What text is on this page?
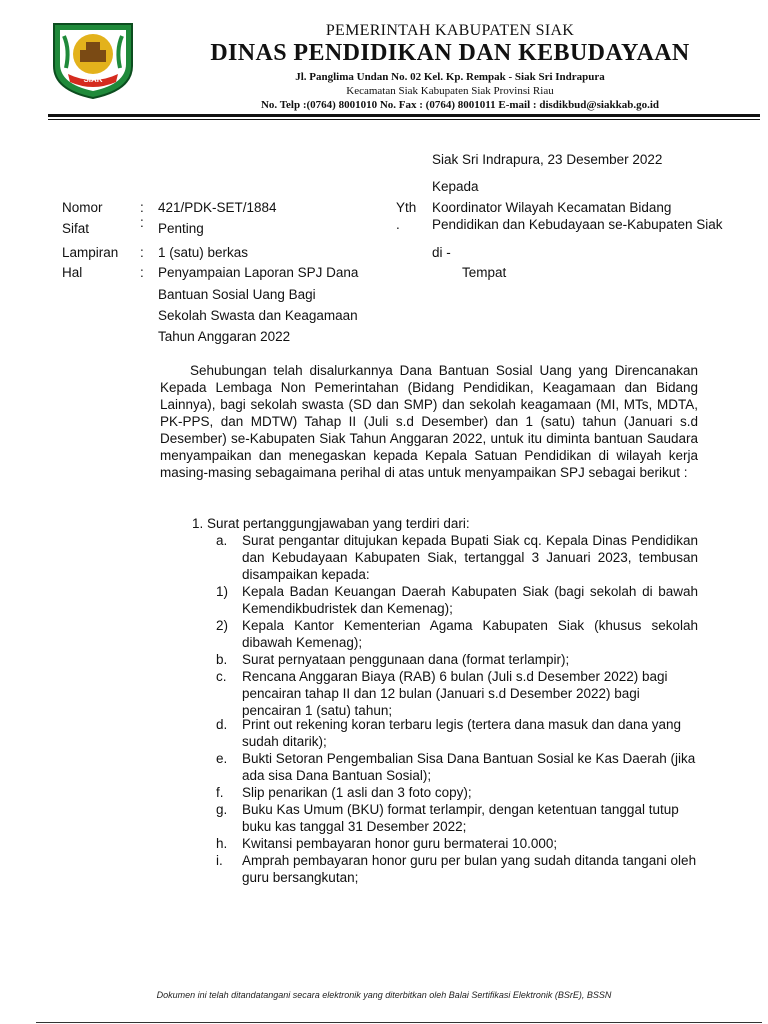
SIAK
PEMERINTAH KABUPATEN SIAK
DINAS PENDIDIKAN DAN KEBUDAYAAN
Jl. Panglima Undan No. 02 Kel. Kp. Rempak - Siak Sri Indrapura
Kecamatan Siak Kabupaten Siak Provinsi Riau
No. Telp :(0764) 8001010 No. Fax : (0764) 8001011 E-mail : disdikbud@siakkab.go.id
Siak Sri Indrapura, 23 Desember 2022
Kepada
Yth
.
Koordinator Wilayah Kecamatan Bidang
Pendidikan dan Kebudayaan se-Kabupaten Siak
di -
Tempat
Nomor	: 421/PDK-SET/1884
Sifat	: Penting
Lampiran : 1 (satu) berkas
Hal	: Penyampaian Laporan SPJ Dana
Bantuan Sosial Uang Bagi
Sekolah Swasta dan Keagamaan
Tahun Anggaran 2022
Sehubungan telah disalurkannya Dana Bantuan Sosial Uang yang Direncanakan Kepada Lembaga Non Pemerintahan (Bidang Pendidikan, Keagamaan dan Bidang Lainnya), bagi sekolah swasta (SD dan SMP) dan sekolah keagamaan (MI, MTs, MDTA, PK-PPS, dan MDTW) Tahap II (Juli s.d Desember) dan 1 (satu) tahun (Januari s.d Desember) se-Kabupaten Siak Tahun Anggaran 2022, untuk itu diminta bantuan Saudara menyampaikan dan menegaskan kepada Kepala Satuan Pendidikan di wilayah kerja masing-masing sebagaimana perihal di atas untuk menyampaikan SPJ sebagai berikut :
1. Surat pertanggungjawaban yang terdiri dari:
a. Surat pengantar ditujukan kepada Bupati Siak cq. Kepala Dinas Pendidikan dan Kebudayaan Kabupaten Siak, tertanggal 3 Januari 2023, tembusan disampaikan kepada:
1) Kepala Badan Keuangan Daerah Kabupaten Siak (bagi sekolah di bawah Kemendikbudristek dan Kemenag);
2) Kepala Kantor Kementerian Agama Kabupaten Siak (khusus sekolah dibawah Kemenag);
b. Surat pernyataan penggunaan dana (format terlampir);
c. Rencana Anggaran Biaya (RAB) 6 bulan (Juli s.d Desember 2022) bagi pencairan tahap II dan 12 bulan (Januari s.d Desember 2022) bagi pencairan 1 (satu) tahun;
d. Print out rekening koran terbaru legis (tertera dana masuk dan dana yang sudah ditarik);
e. Bukti Setoran Pengembalian Sisa Dana Bantuan Sosial ke Kas Daerah (jika ada sisa Dana Bantuan Sosial);
f. Slip penarikan (1 asli dan 3 foto copy);
g. Buku Kas Umum (BKU) format terlampir, dengan ketentuan tanggal tutup buku kas tanggal 31 Desember 2022;
h. Kwitansi pembayaran honor guru bermaterai 10.000;
i. Amprah pembayaran honor guru per bulan yang sudah ditanda tangani oleh guru bersangkutan;
Dokumen ini telah ditandatangani secara elektronik yang diterbitkan oleh Balai Sertifikasi Elektronik (BSrE), BSSN
